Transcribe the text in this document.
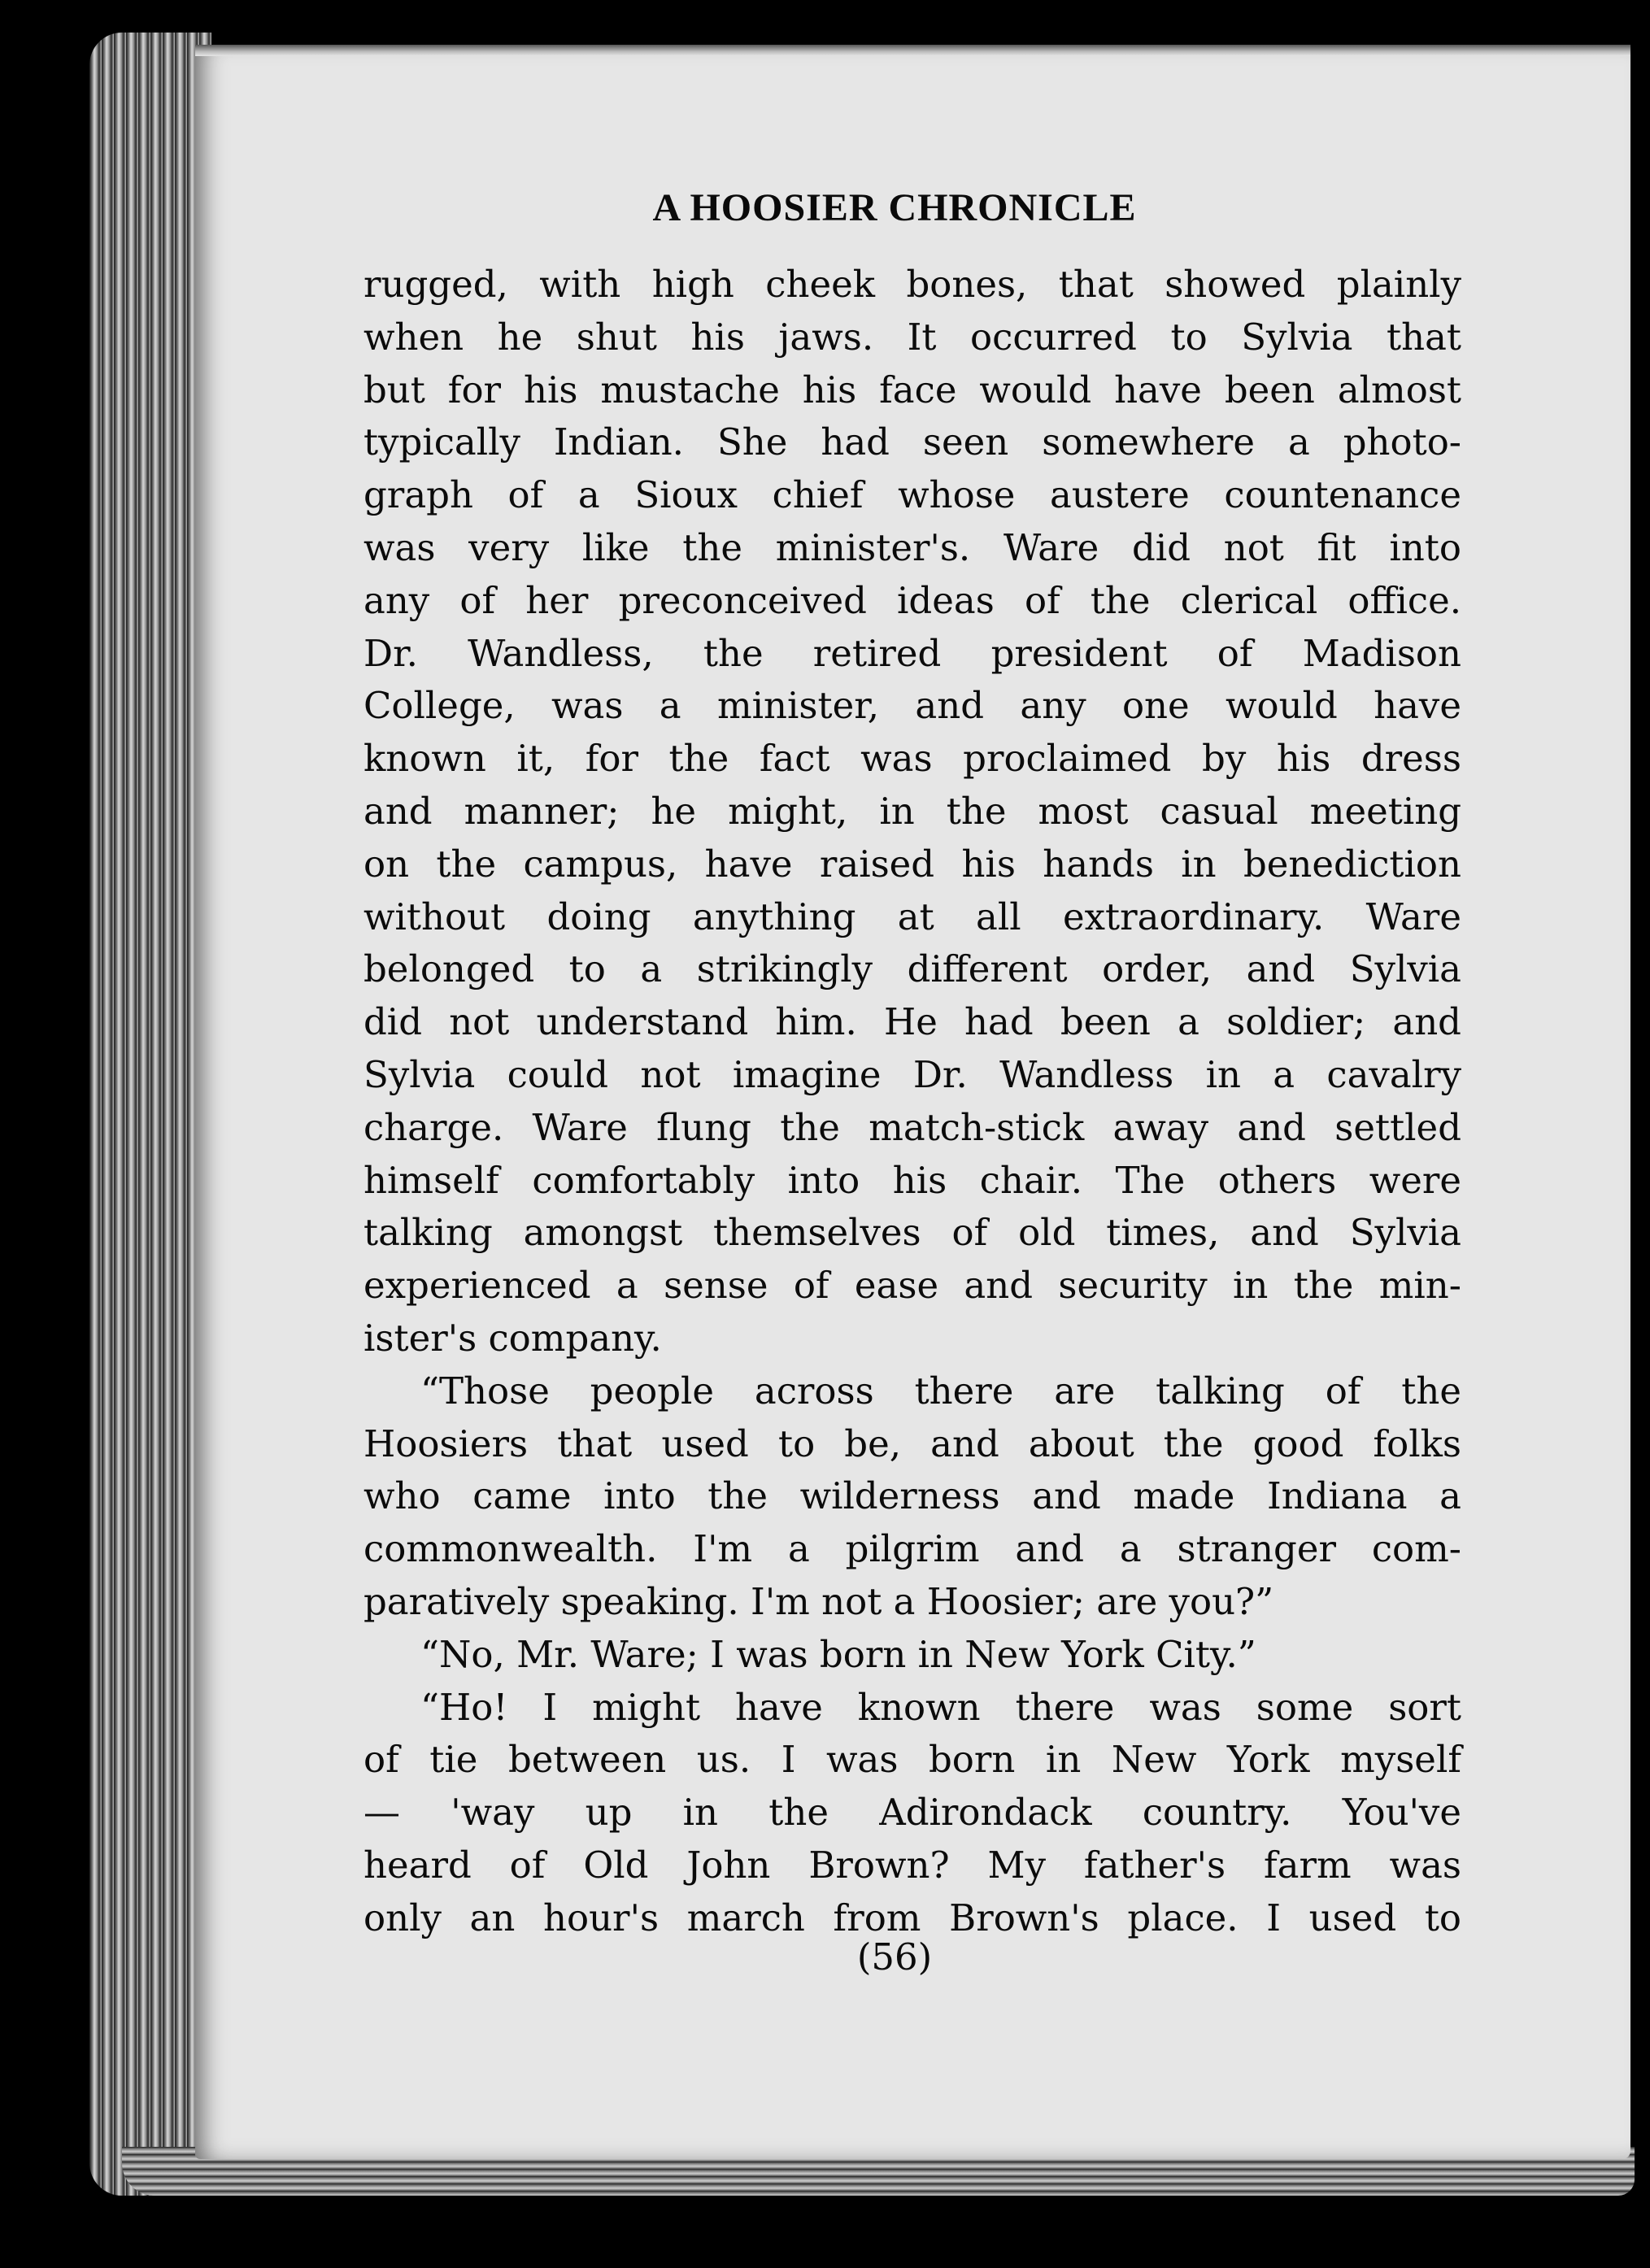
A HOOSIER CHRONICLE
rugged, with high cheek bones, that showed plainly
when he shut his jaws. It occurred to Sylvia that
but for his mustache his face would have been almost
typically Indian. She had seen somewhere a photo-
graph of a Sioux chief whose austere countenance
was very like the minister's. Ware did not fit into
any of her preconceived ideas of the clerical office.
Dr. Wandless, the retired president of Madison
College, was a minister, and any one would have
known it, for the fact was proclaimed by his dress
and manner; he might, in the most casual meeting
on the campus, have raised his hands in benediction
without doing anything at all extraordinary. Ware
belonged to a strikingly different order, and Sylvia
did not understand him. He had been a soldier; and
Sylvia could not imagine Dr. Wandless in a cavalry
charge. Ware flung the match-stick away and settled
himself comfortably into his chair. The others were
talking amongst themselves of old times, and Sylvia
experienced a sense of ease and security in the min-
ister's company.
“Those people across there are talking of the
Hoosiers that used to be, and about the good folks
who came into the wilderness and made Indiana a
commonwealth. I'm a pilgrim and a stranger com-
paratively speaking. I'm not a Hoosier; are you?”
“No, Mr. Ware; I was born in New York City.”
“Ho! I might have known there was some sort
of tie between us. I was born in New York myself
— 'way up in the Adirondack country. You've
heard of Old John Brown? My father's farm was
only an hour's march from Brown's place. I used to
(56)
